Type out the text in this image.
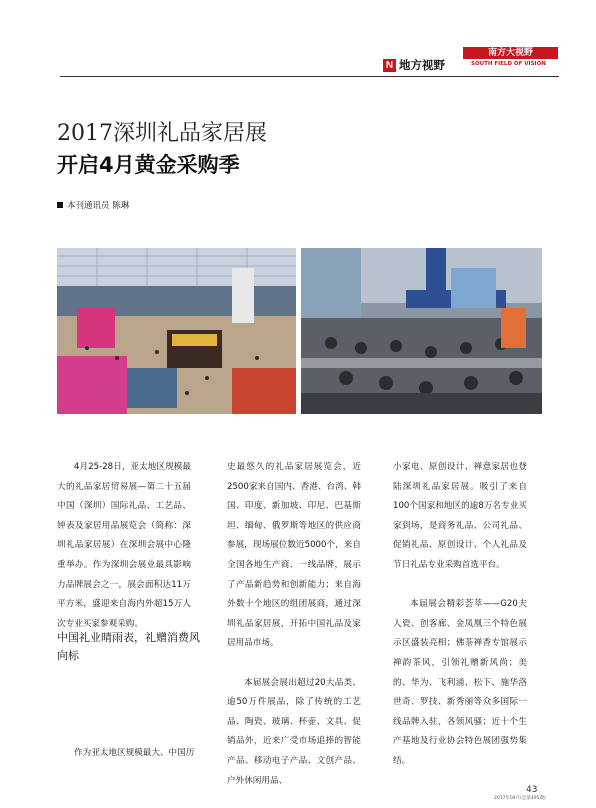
南方大视野
SOUTH FIELD OF VISION
N 地方视野
2017深圳礼品家居展
开启4月黄金采购季
本刊通讯员 陈琳

4月25-28日，亚太地区规模最大的礼品家居贸易展—第二十五届中国（深圳）国际礼品、工艺品、钟表及家居用品展览会（简称：深圳礼品家居展）在深圳会展中心隆重举办。作为深圳会展业最具影响力品牌展会之一，展会面积达11万平方米，盛迎来自海内外超15万人次专业买家参观采购。

中国礼业晴雨表，礼赠消费风向标
作为亚太地区规模最大、中国历

史最悠久的礼品家居展览会，近2500家来自国内、香港、台湾、韩国、印度、新加坡、印尼、巴基斯坦、缅甸、俄罗斯等地区的供应商参展，现场展位数近5000个，来自全国各地生产商、一线品牌，展示了产品新趋势和创新能力；来自海外数十个地区的组团展商，通过深圳礼品家居展，开拓中国礼品及家居用品市场。

本届展会展出超过20大品类、逾50万件展品，除了传统的工艺品、陶瓷、玻璃、杯壶、文具、促销品外，近来广受市场追捧的智能产品、移动电子产品、文创产品、户外休闲用品、

小家电、原创设计、禅意家居也登陆深圳礼品家居展。吸引了来自100个国家和地区的逾8万名专业买家到场，是商务礼品、公司礼品、促销礼品、原创设计、个人礼品及节日礼品专业采购首选平台。

本届展会精彩荟萃——G20夫人瓷、创客廊、金凤凰三个特色展示区盛装亮相；佛茶禅香专馆展示禅韵茶风，引领礼赠新风尚；美的、华为、飞利浦、松下、施华洛世奇、罗技、新秀丽等众多国际一线品牌入驻，各领风骚；近十个生产基地及行业协会特色展团强势集结。

43
2017年04月(总第495期)
